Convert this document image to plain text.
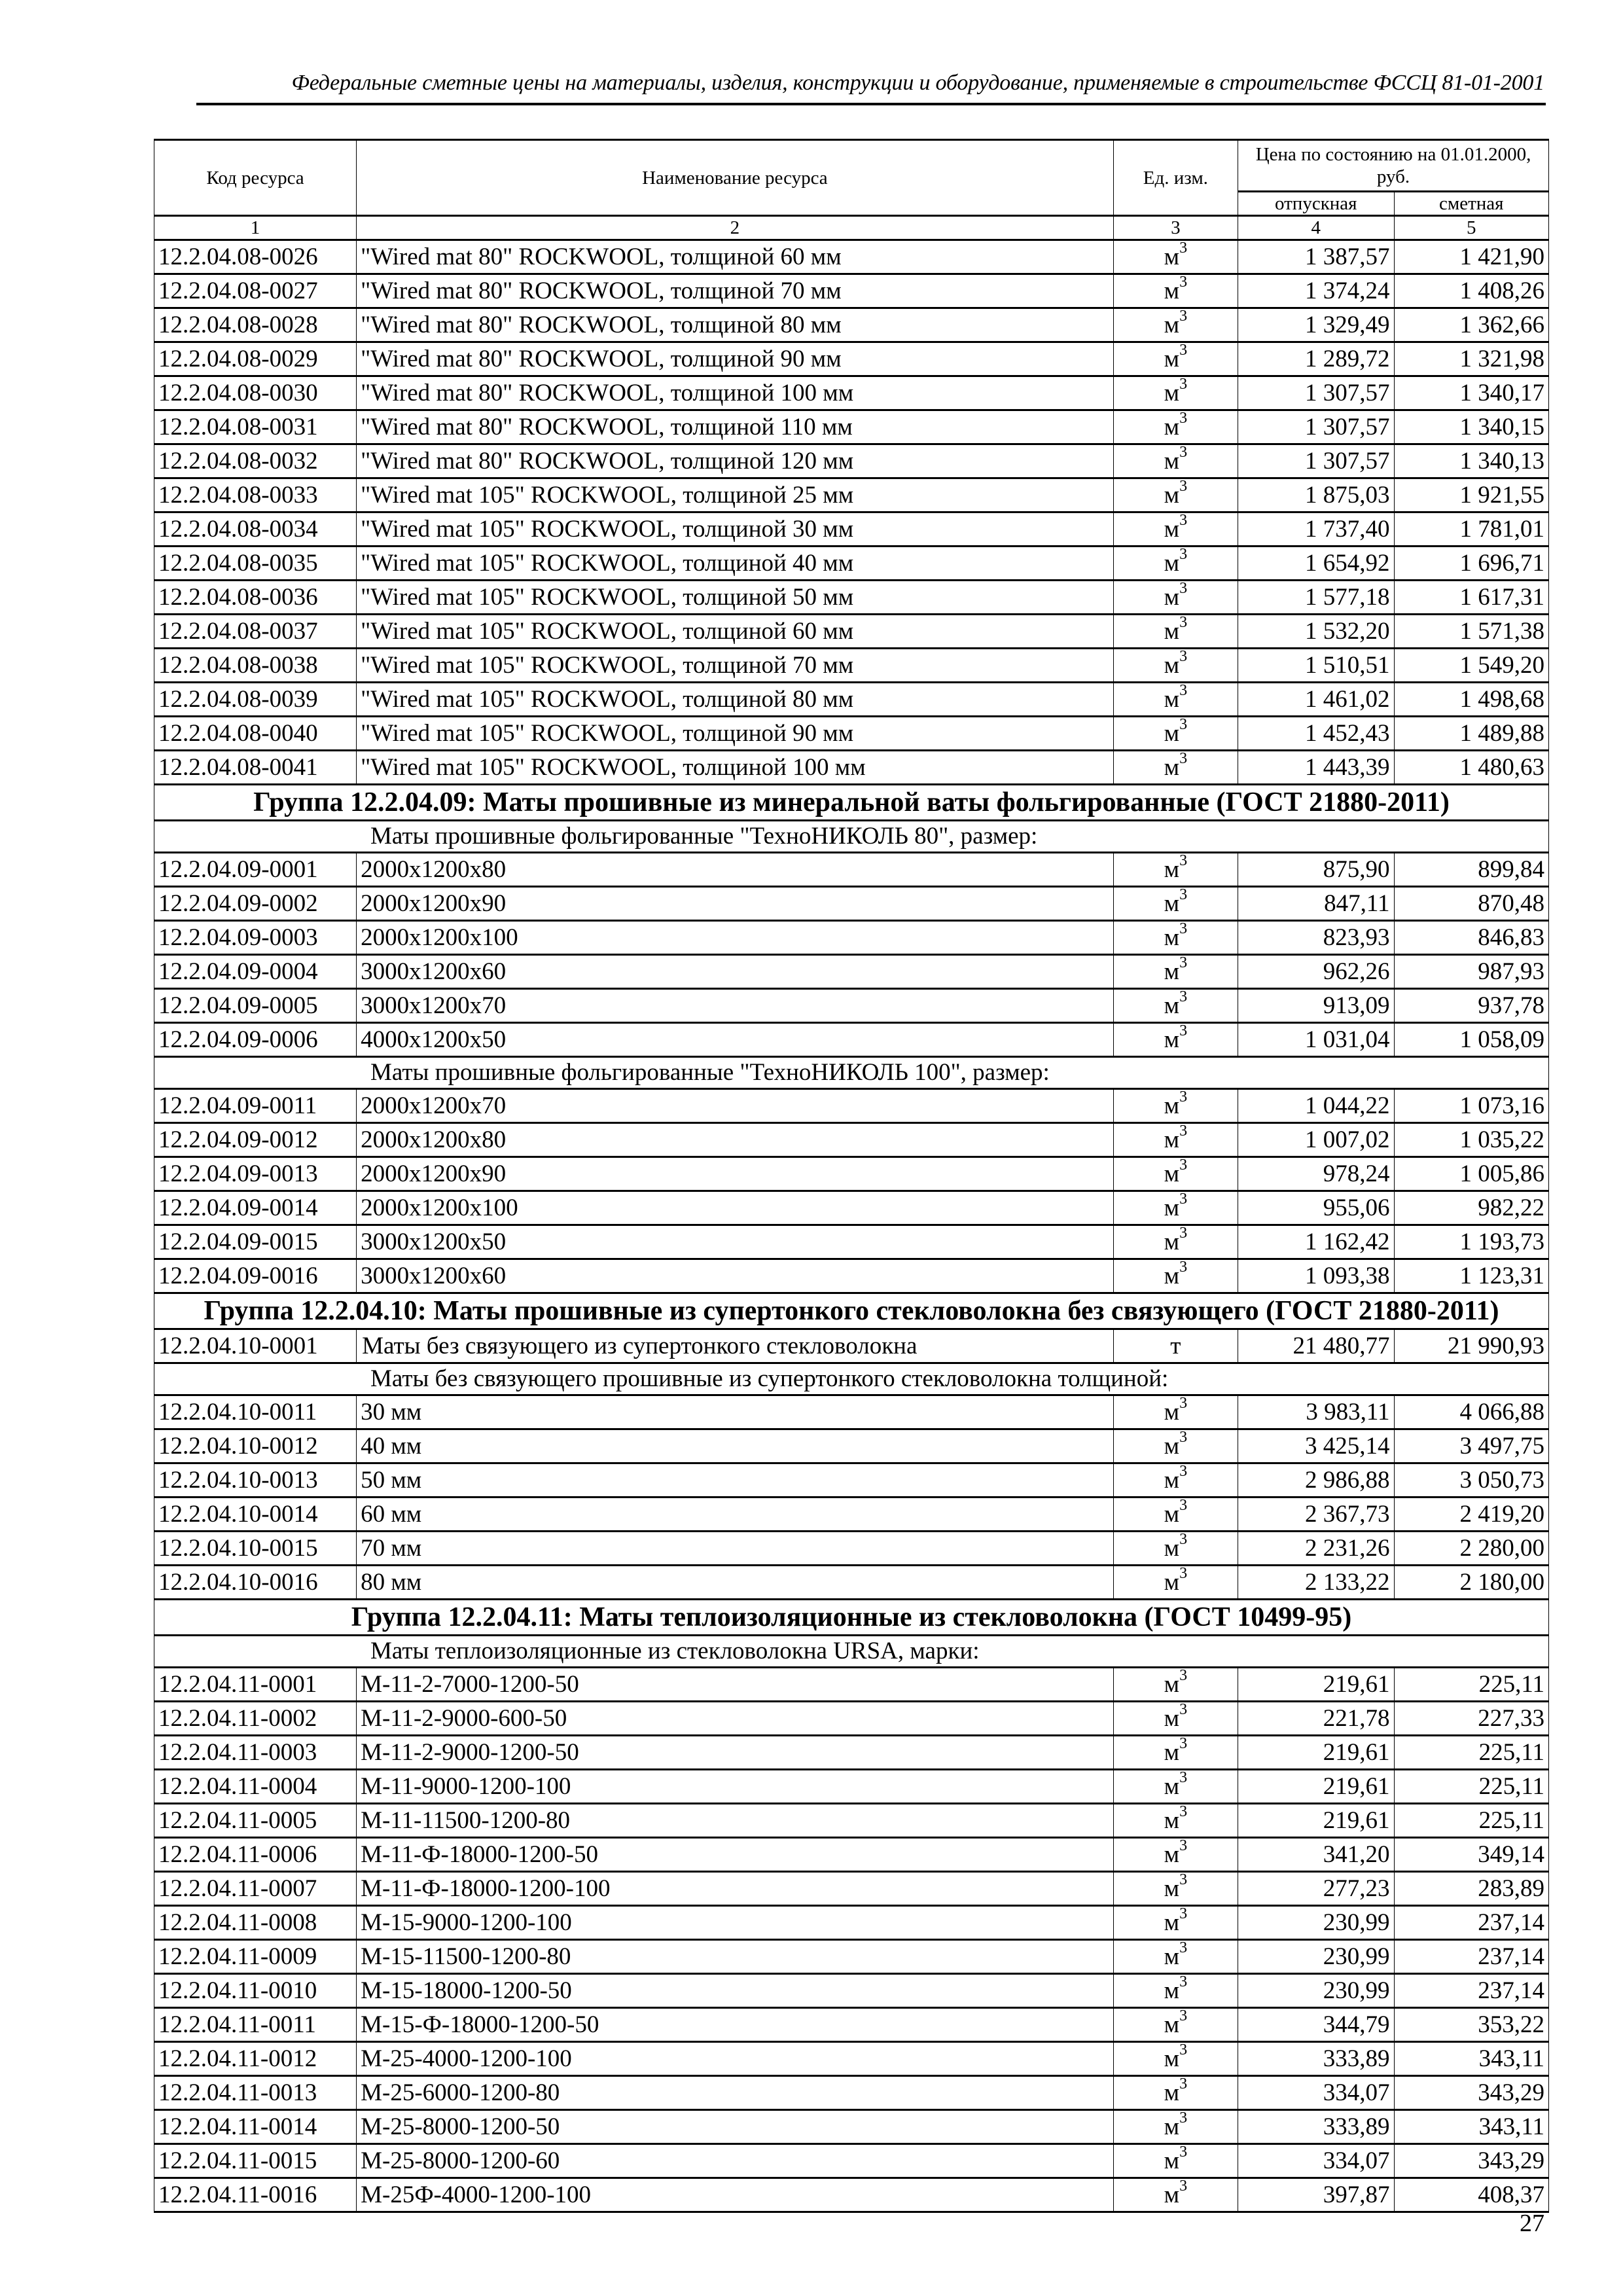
Федеральные сметные цены на материалы, изделия, конструкции и оборудование, применяемые в строительстве ФССЦ 81-01-2001
Код ресурса	Наименование ресурса	Ед. изм.	Цена по состоянию на 01.01.2000, руб.	
			отпускная	сметная
1	2	3	4	5
12.2.04.08-0026	"Wired mat 80" ROCKWOOL, толщиной 60 мм	$м^3$	1 387,57	1 421,90
12.2.04.08-0027	"Wired mat 80" ROCKWOOL, толщиной 70 мм	$м^3$	1 374,24	1 408,26
12.2.04.08-0028	"Wired mat 80" ROCKWOOL, толщиной 80 мм	$м^3$	1 329,49	1 362,66
12.2.04.08-0029	"Wired mat 80" ROCKWOOL, толщиной 90 мм	$м^3$	1 289,72	1 321,98
12.2.04.08-0030	"Wired mat 80" ROCKWOOL, толщиной 100 мм	$м^3$	1 307,57	1 340,17
12.2.04.08-0031	"Wired mat 80" ROCKWOOL, толщиной 110 мм	$м^3$	1 307,57	1 340,15
12.2.04.08-0032	"Wired mat 80" ROCKWOOL, толщиной 120 мм	$м^3$	1 307,57	1 340,13
12.2.04.08-0033	"Wired mat 105" ROCKWOOL, толщиной 25 мм	$м^3$	1 875,03	1 921,55
12.2.04.08-0034	"Wired mat 105" ROCKWOOL, толщиной 30 мм	$м^3$	1 737,40	1 781,01
12.2.04.08-0035	"Wired mat 105" ROCKWOOL, толщиной 40 мм	$м^3$	1 654,92	1 696,71
12.2.04.08-0036	"Wired mat 105" ROCKWOOL, толщиной 50 мм	$м^3$	1 577,18	1 617,31
12.2.04.08-0037	"Wired mat 105" ROCKWOOL, толщиной 60 мм	$м^3$	1 532,20	1 571,38
12.2.04.08-0038	"Wired mat 105" ROCKWOOL, толщиной 70 мм	$м^3$	1 510,51	1 549,20
12.2.04.08-0039	"Wired mat 105" ROCKWOOL, толщиной 80 мм	$м^3$	1 461,02	1 498,68
12.2.04.08-0040	"Wired mat 105" ROCKWOOL, толщиной 90 мм	$м^3$	1 452,43	1 489,88
12.2.04.08-0041	"Wired mat 105" ROCKWOOL, толщиной 100 мм	$м^3$	1 443,39	1 480,63
Группа 12.2.04.09: Маты прошивные из минеральной ваты фольгированные (ГОСТ 21880-2011)				
Маты прошивные фольгированные "ТехноНИКОЛЬ 80", размер:				
12.2.04.09-0001	2000х1200х80	$м^3$	875,90	899,84
12.2.04.09-0002	2000х1200х90	$м^3$	847,11	870,48
12.2.04.09-0003	2000х1200х100	$м^3$	823,93	846,83
12.2.04.09-0004	3000х1200х60	$м^3$	962,26	987,93
12.2.04.09-0005	3000х1200х70	$м^3$	913,09	937,78
12.2.04.09-0006	4000х1200х50	$м^3$	1 031,04	1 058,09
Маты прошивные фольгированные "ТехноНИКОЛЬ 100", размер:				
12.2.04.09-0011	2000х1200х70	$м^3$	1 044,22	1 073,16
12.2.04.09-0012	2000х1200х80	$м^3$	1 007,02	1 035,22
12.2.04.09-0013	2000х1200х90	$м^3$	978,24	1 005,86
12.2.04.09-0014	2000х1200х100	$м^3$	955,06	982,22
12.2.04.09-0015	3000х1200х50	$м^3$	1 162,42	1 193,73
12.2.04.09-0016	3000х1200х60	$м^3$	1 093,38	1 123,31
Группа 12.2.04.10: Маты прошивные из супертонкого стекловолокна без связующего (ГОСТ 21880-2011)				
12.2.04.10-0001	Маты без связующего из супертонкого стекловолокна	т	21 480,77	21 990,93
Маты без связующего прошивные из супертонкого стекловолокна толщиной:				
12.2.04.10-0011	30 мм	$м^3$	3 983,11	4 066,88
12.2.04.10-0012	40 мм	$м^3$	3 425,14	3 497,75
12.2.04.10-0013	50 мм	$м^3$	2 986,88	3 050,73
12.2.04.10-0014	60 мм	$м^3$	2 367,73	2 419,20
12.2.04.10-0015	70 мм	$м^3$	2 231,26	2 280,00
12.2.04.10-0016	80 мм	$м^3$	2 133,22	2 180,00
Группа 12.2.04.11: Маты теплоизоляционные из стекловолокна (ГОСТ 10499-95)				
Маты теплоизоляционные из стекловолокна URSA, марки:				
12.2.04.11-0001	М-11-2-7000-1200-50	$м^3$	219,61	225,11
12.2.04.11-0002	М-11-2-9000-600-50	$м^3$	221,78	227,33
12.2.04.11-0003	М-11-2-9000-1200-50	$м^3$	219,61	225,11
12.2.04.11-0004	М-11-9000-1200-100	$м^3$	219,61	225,11
12.2.04.11-0005	М-11-11500-1200-80	$м^3$	219,61	225,11
12.2.04.11-0006	М-11-Ф-18000-1200-50	$м^3$	341,20	349,14
12.2.04.11-0007	М-11-Ф-18000-1200-100	$м^3$	277,23	283,89
12.2.04.11-0008	М-15-9000-1200-100	$м^3$	230,99	237,14
12.2.04.11-0009	М-15-11500-1200-80	$м^3$	230,99	237,14
12.2.04.11-0010	М-15-18000-1200-50	$м^3$	230,99	237,14
12.2.04.11-0011	М-15-Ф-18000-1200-50	$м^3$	344,79	353,22
12.2.04.11-0012	М-25-4000-1200-100	$м^3$	333,89	343,11
12.2.04.11-0013	М-25-6000-1200-80	$м^3$	334,07	343,29
12.2.04.11-0014	М-25-8000-1200-50	$м^3$	333,89	343,11
12.2.04.11-0015	М-25-8000-1200-60	$м^3$	334,07	343,29
12.2.04.11-0016	М-25Ф-4000-1200-100	$м^3$	397,87	408,37
27
